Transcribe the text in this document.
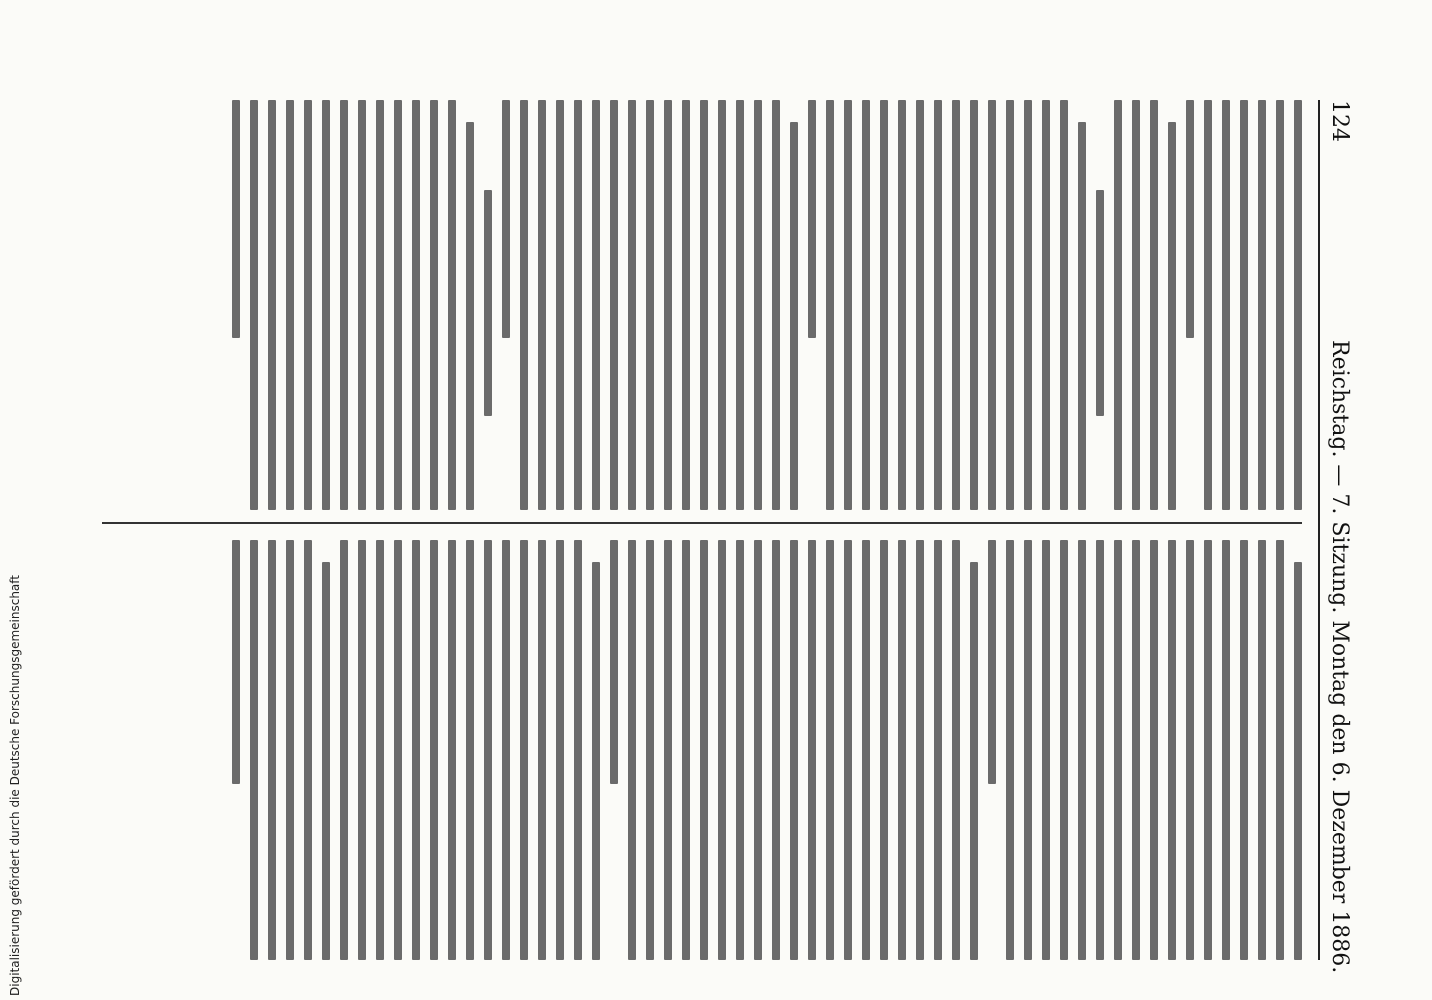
124
Reichstag. — 7. Sitzung. Montag den 6. Dezember 1886.
Digitalisierung gefördert durch die Deutsche Forschungsgemeinschaft
